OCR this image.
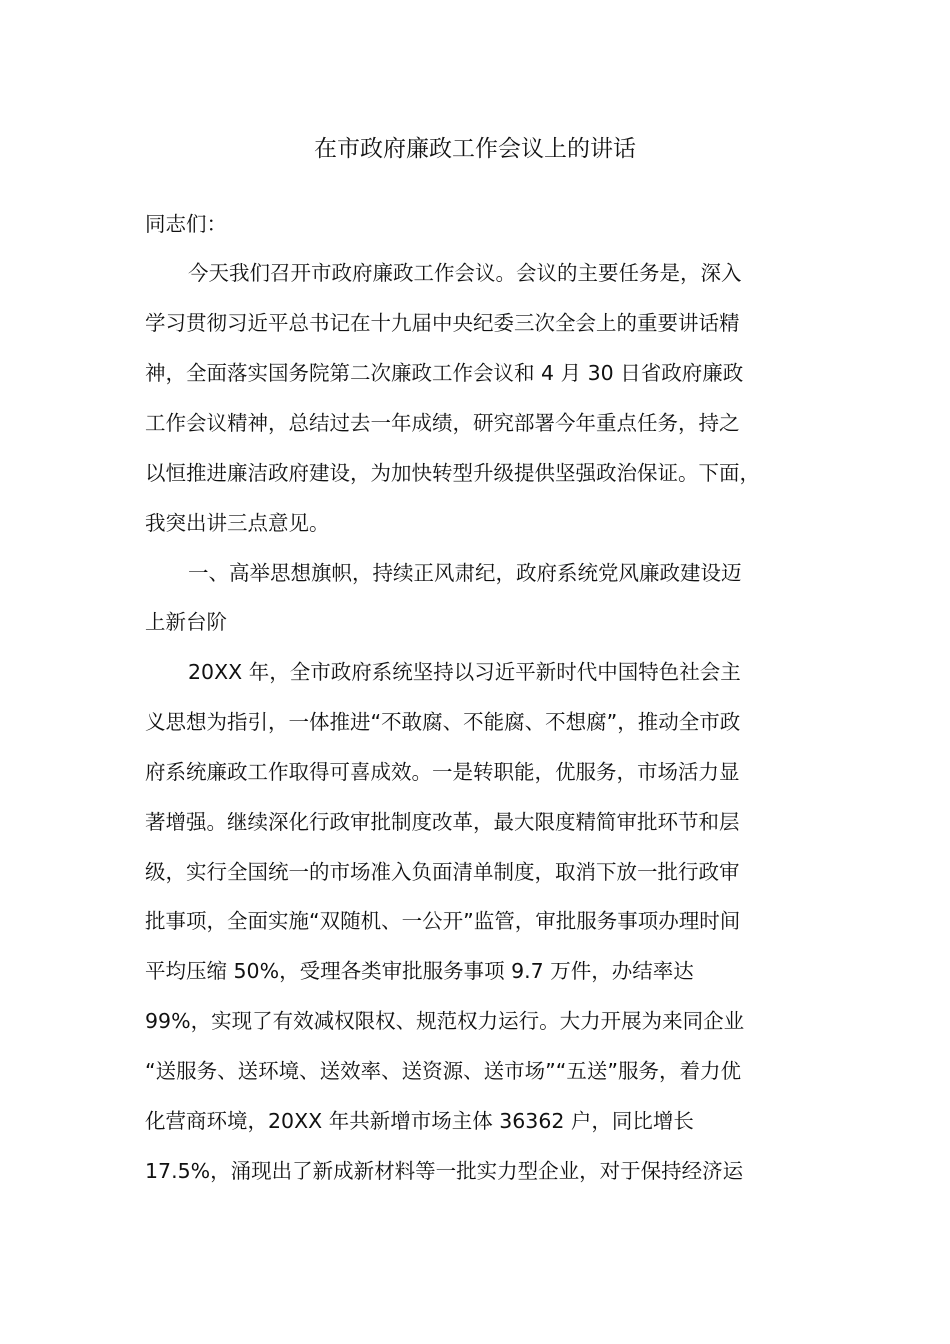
在市政府廉政工作会议上的讲话
同志们：
今天我们召开市政府廉政工作会议。会议的主要任务是，深入
学习贯彻习近平总书记在十九届中央纪委三次全会上的重要讲话精
神，全面落实国务院第二次廉政工作会议和 4 月 30 日省政府廉政
工作会议精神，总结过去一年成绩，研究部署今年重点任务，持之
以恒推进廉洁政府建设，为加快转型升级提供坚强政治保证。下面，
我突出讲三点意见。
一、高举思想旗帜，持续正风肃纪，政府系统党风廉政建设迈
上新台阶
20XX 年，全市政府系统坚持以习近平新时代中国特色社会主
义思想为指引，一体推进“不敢腐、不能腐、不想腐”，推动全市政
府系统廉政工作取得可喜成效。一是转职能，优服务，市场活力显
著增强。继续深化行政审批制度改革，最大限度精简审批环节和层
级，实行全国统一的市场准入负面清单制度，取消下放一批行政审
批事项，全面实施“双随机、一公开”监管，审批服务事项办理时间
平均压缩 50%，受理各类审批服务事项 9.7 万件，办结率达
99%，实现了有效减权限权、规范权力运行。大力开展为来同企业
“送服务、送环境、送效率、送资源、送市场”“五送”服务，着力优
化营商环境，20XX 年共新增市场主体 36362 户，同比增长
17.5%，涌现出了新成新材料等一批实力型企业，对于保持经济运
